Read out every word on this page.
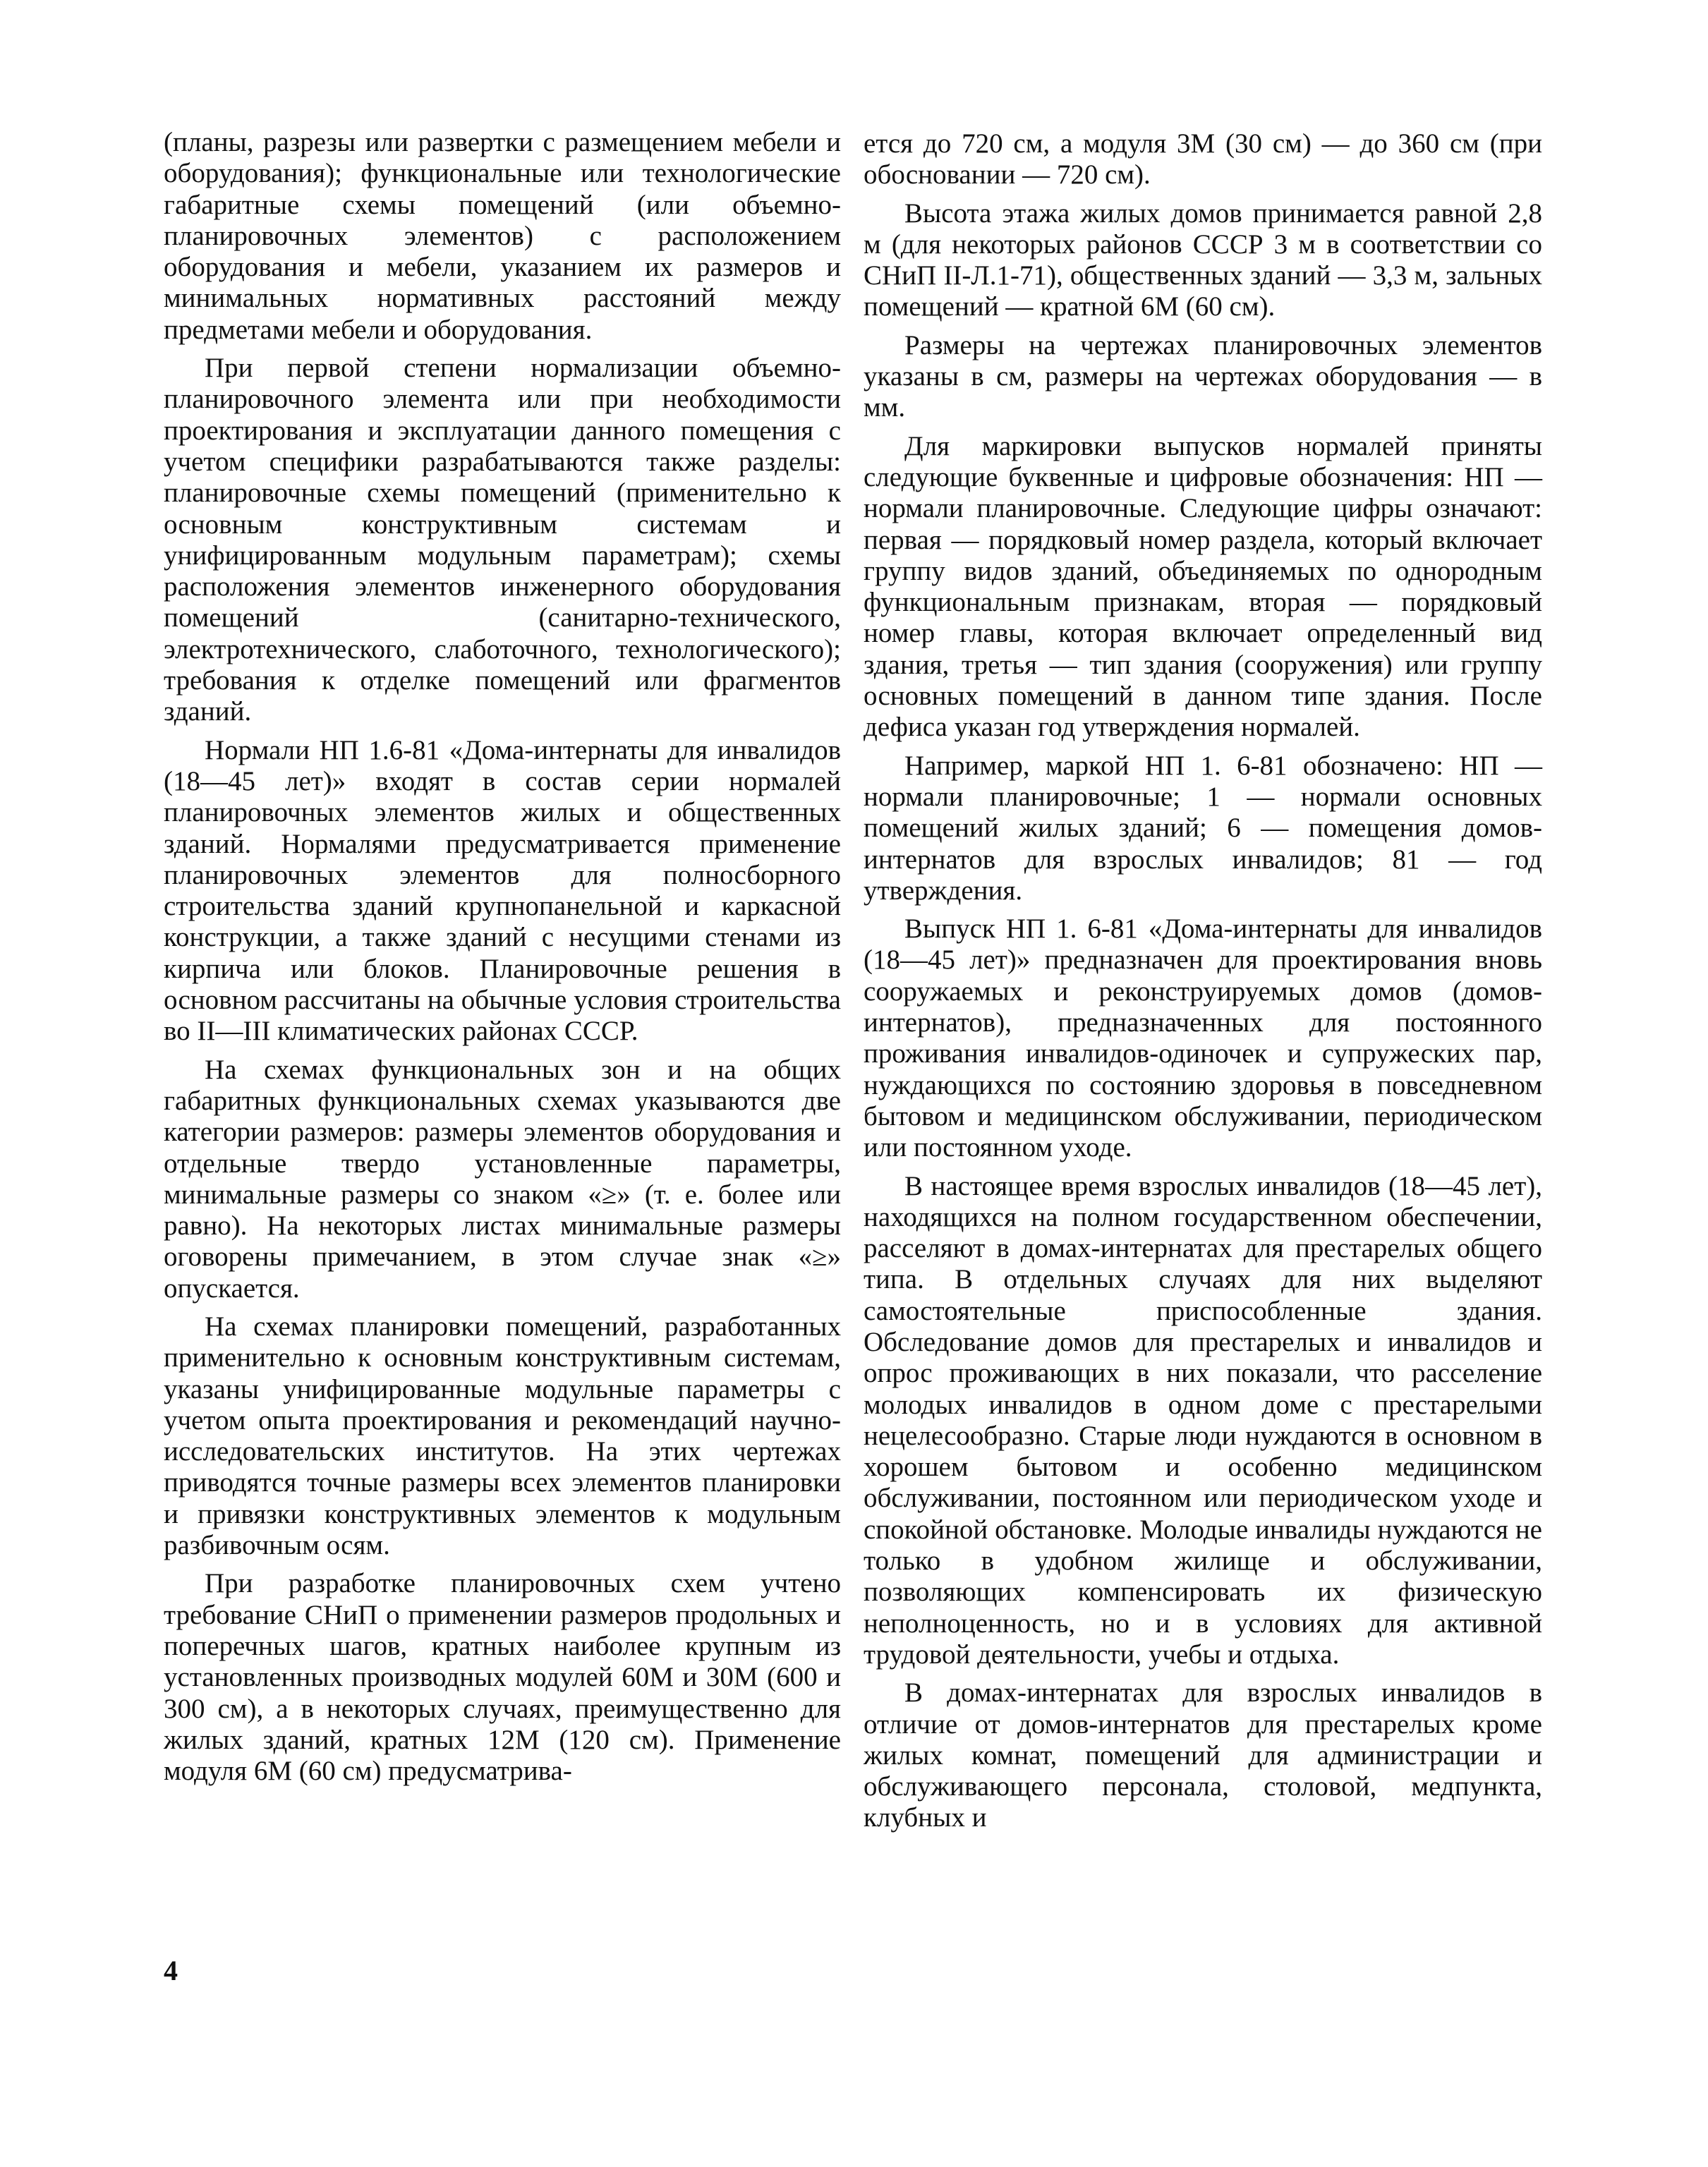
(планы, разрезы или развертки с размещением мебели и оборудования); функциональные или технологические габаритные схемы помещений (или объемно-планировочных элементов) с расположением оборудования и мебели, указанием их размеров и минимальных нормативных расстояний между предметами мебели и оборудования.

При первой степени нормализации объемно-планировочного элемента или при необходимости проектирования и эксплуатации данного помещения с учетом специфики разрабатываются также разделы: планировочные схемы помещений (применительно к основным конструктивным системам и унифицированным модульным параметрам); схемы расположения элементов инженерного оборудования помещений (санитарно-технического, электротехнического, слаботочного, технологического); требования к отделке помещений или фрагментов зданий.

Нормали НП 1.6-81 «Дома-интернаты для инвалидов (18—45 лет)» входят в состав серии нормалей планировочных элементов жилых и общественных зданий. Нормалями предусматривается применение планировочных элементов для полносборного строительства зданий крупнопанельной и каркасной конструкции, а также зданий с несущими стенами из кирпича или блоков. Планировочные решения в основном рассчитаны на обычные условия строительства во II—III климатических районах СССР.

На схемах функциональных зон и на общих габаритных функциональных схемах указываются две категории размеров: размеры элементов оборудования и отдельные твердо установленные параметры, минимальные размеры со знаком «≥» (т. е. более или равно). На некоторых листах минимальные размеры оговорены примечанием, в этом случае знак «≥» опускается.

На схемах планировки помещений, разработанных применительно к основным конструктивным системам, указаны унифицированные модульные параметры с учетом опыта проектирования и рекомендаций научно-исследовательских институтов. На этих чертежах приводятся точные размеры всех элементов планировки и привязки конструктивных элементов к модульным разбивочным осям.

При разработке планировочных схем учтено требование СНиП о применении размеров продольных и поперечных шагов, кратных наиболее крупным из установленных производных модулей 60М и 30М (600 и 300 см), а в некоторых случаях, преимущественно для жилых зданий, кратных 12М (120 см). Применение модуля 6М (60 см) предусматрива-

ется до 720 см, а модуля 3М (30 см) — до 360 см (при обосновании — 720 см).

Высота этажа жилых домов принимается равной 2,8 м (для некоторых районов СССР 3 м в соответствии со СНиП II-Л.1-71), общественных зданий — 3,3 м, зальных помещений — кратной 6М (60 см).

Размеры на чертежах планировочных элементов указаны в см, размеры на чертежах оборудования — в мм.

Для маркировки выпусков нормалей приняты следующие буквенные и цифровые обозначения: НП — нормали планировочные. Следующие цифры означают: первая — порядковый номер раздела, который включает группу видов зданий, объединяемых по однородным функциональным признакам, вторая — порядковый номер главы, которая включает определенный вид здания, третья — тип здания (сооружения) или группу основных помещений в данном типе здания. После дефиса указан год утверждения нормалей.

Например, маркой НП 1. 6-81 обозначено: НП — нормали планировочные; 1 — нормали основных помещений жилых зданий; 6 — помещения домов-интернатов для взрослых инвалидов; 81 — год утверждения.

Выпуск НП 1. 6-81 «Дома-интернаты для инвалидов (18—45 лет)» предназначен для проектирования вновь сооружаемых и реконструируемых домов (домов-интернатов), предназначенных для постоянного проживания инвалидов-одиночек и супружеских пар, нуждающихся по состоянию здоровья в повседневном бытовом и медицинском обслуживании, периодическом или постоянном уходе.

В настоящее время взрослых инвалидов (18—45 лет), находящихся на полном государственном обеспечении, расселяют в домах-интернатах для престарелых общего типа. В отдельных случаях для них выделяют самостоятельные приспособленные здания. Обследование домов для престарелых и инвалидов и опрос проживающих в них показали, что расселение молодых инвалидов в одном доме с престарелыми нецелесообразно. Старые люди нуждаются в основном в хорошем бытовом и особенно медицинском обслуживании, постоянном или периодическом уходе и спокойной обстановке. Молодые инвалиды нуждаются не только в удобном жилище и обслуживании, позволяющих компенсировать их физическую неполноценность, но и в условиях для активной трудовой деятельности, учебы и отдыха.

В домах-интернатах для взрослых инвалидов в отличие от домов-интернатов для престарелых кроме жилых комнат, помещений для администрации и обслуживающего персонала, столовой, медпункта, клубных и

4
